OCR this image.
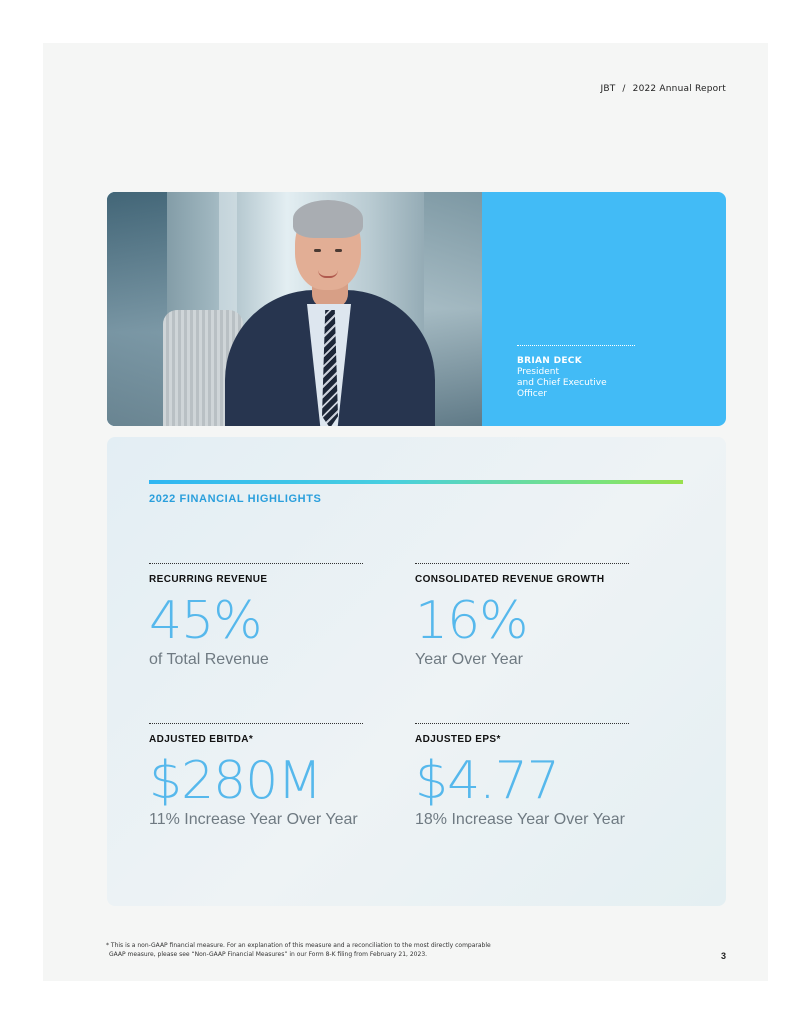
JBT / 2022 Annual Report
BRIAN DECK
President
and Chief Executive Officer
2022 FINANCIAL HIGHLIGHTS
RECURRING REVENUE
45%
of Total Revenue
CONSOLIDATED REVENUE GROWTH
16%
Year Over Year
ADJUSTED EBITDA*
$280M
11% Increase Year Over Year
ADJUSTED EPS*
$4.77
18% Increase Year Over Year
* This is a non-GAAP financial measure. For an explanation of this measure and a reconciliation to the most directly comparable
GAAP measure, please see “Non-GAAP Financial Measures” in our Form 8-K filing from February 21, 2023.	3
